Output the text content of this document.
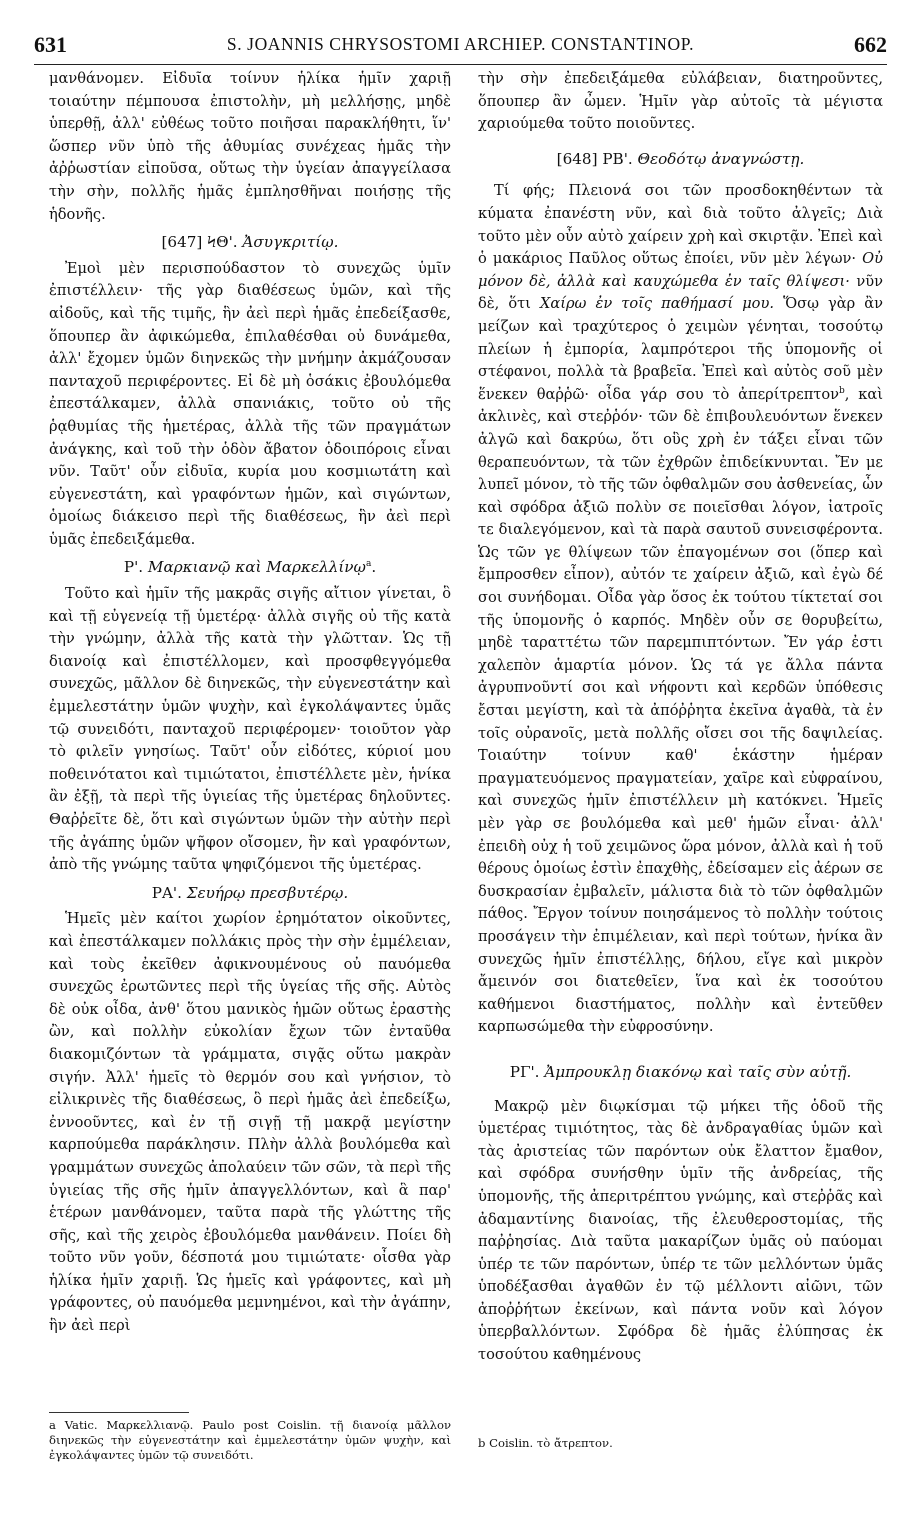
631	S. JOANNIS CHRYSOSTOMI ARCHIEP. CONSTANTINOP.	662

μανθάνομεν. Εἰδυῖα τοίνυν ἡλίκα ἡμῖν χαριῇ τοιαύτην πέμπουσα ἐπιστολὴν, μὴ μελλήσῃς, μηδὲ ὑπερθῇ, ἀλλ' εὐθέως τοῦτο ποιῆσαι παρακλήθητι, ἵν' ὥσπερ νῦν ὑπὸ τῆς ἀθυμίας συνέχεας ἡμᾶς τὴν ἀῤῥωστίαν εἰποῦσα, οὕτως τὴν ὑγείαν ἀπαγγείλασα τὴν σὴν, πολλῆς ἡμᾶς ἐμπλησθῆναι ποιήσῃς τῆς ἡδονῆς.

[647] ϞΘ'. Ἀσυγκριτίῳ.

Ἐμοὶ μὲν περισπούδαστον τὸ συνεχῶς ὑμῖν ἐπιστέλλειν· τῆς γὰρ διαθέσεως ὑμῶν, καὶ τῆς αἰδοῦς, καὶ τῆς τιμῆς, ἣν ἀεὶ περὶ ἡμᾶς ἐπεδείξασθε, ὅπουπερ ἂν ἀφικώμεθα, ἐπιλαθέσθαι οὐ δυνάμεθα, ἀλλ' ἔχομεν ὑμῶν διηνεκῶς τὴν μνήμην ἀκμάζουσαν πανταχοῦ περιφέροντες. Εἰ δὲ μὴ ὁσάκις ἐβουλόμεθα ἐπεστάλκαμεν, ἀλλὰ σπανιάκις, τοῦτο οὐ τῆς ῥᾳθυμίας τῆς ἡμετέρας, ἀλλὰ τῆς τῶν πραγμάτων ἀνάγκης, καὶ τοῦ τὴν ὁδὸν ἄβατον ὁδοιπόροις εἶναι νῦν. Ταῦτ' οὖν εἰδυῖα, κυρία μου κοσμιωτάτη καὶ εὐγενεστάτη, καὶ γραφόντων ἡμῶν, καὶ σιγώντων, ὁμοίως διάκεισο περὶ τῆς διαθέσεως, ἣν ἀεὶ περὶ ὑμᾶς ἐπεδειξάμεθα.

Ρ'. Μαρκιανῷ καὶ Μαρκελλίνῳ$^a$.

Τοῦτο καὶ ἡμῖν τῆς μακρᾶς σιγῆς αἴτιον γίνεται, ὃ καὶ τῇ εὐγενείᾳ τῇ ὑμετέρᾳ· ἀλλὰ σιγῆς οὐ τῆς κατὰ τὴν γνώμην, ἀλλὰ τῆς κατὰ τὴν γλῶτταν. Ὡς τῇ διανοίᾳ καὶ ἐπιστέλλομεν, καὶ προσφθεγγόμεθα συνεχῶς, μᾶλλον δὲ διηνεκῶς, τὴν εὐγενεστάτην καὶ ἐμμελεστάτην ὑμῶν ψυχὴν, καὶ ἐγκολάψαντες ὑμᾶς τῷ συνειδότι, πανταχοῦ περιφέρομεν· τοιοῦτον γὰρ τὸ φιλεῖν γνησίως. Ταῦτ' οὖν εἰδότες, κύριοί μου ποθεινότατοι καὶ τιμιώτατοι, ἐπιστέλλετε μὲν, ἡνίκα ἂν ἐξῇ, τὰ περὶ τῆς ὑγιείας τῆς ὑμετέρας δηλοῦντες. Θαῤῥεῖτε δὲ, ὅτι καὶ σιγώντων ὑμῶν τὴν αὐτὴν περὶ τῆς ἀγάπης ὑμῶν ψῆφον οἴσομεν, ἣν καὶ γραφόντων, ἀπὸ τῆς γνώμης ταῦτα ψηφιζόμενοι τῆς ὑμετέρας.

ΡΑ'. Σευήρῳ πρεσβυτέρῳ.

Ἡμεῖς μὲν καίτοι χωρίον ἐρημότατον οἰκοῦντες, καὶ ἐπεστάλκαμεν πολλάκις πρὸς τὴν σὴν ἐμμέλειαν, καὶ τοὺς ἐκεῖθεν ἀφικνουμένους οὐ παυόμεθα συνεχῶς ἐρωτῶντες περὶ τῆς ὑγείας τῆς σῆς. Αὐτὸς δὲ οὐκ οἶδα, ἀνθ' ὅτου μανικὸς ἡμῶν οὕτως ἐραστὴς ὢν, καὶ πολλὴν εὐκολίαν ἔχων τῶν ἐνταῦθα διακομιζόντων τὰ γράμματα, σιγᾷς οὕτω μακρὰν σιγήν. Ἀλλ' ἡμεῖς τὸ θερμόν σου καὶ γνήσιον, τὸ εἰλικρινὲς τῆς διαθέσεως, ὃ περὶ ἡμᾶς ἀεὶ ἐπεδείξω, ἐννοοῦντες, καὶ ἐν τῇ σιγῇ τῇ μακρᾷ μεγίστην καρπούμεθα παράκλησιν. Πλὴν ἀλλὰ βουλόμεθα καὶ γραμμάτων συνεχῶς ἀπολαύειν τῶν σῶν, τὰ περὶ τῆς ὑγιείας τῆς σῆς ἡμῖν ἀπαγγελλόντων, καὶ ἃ παρ' ἑτέρων μανθάνομεν, ταῦτα παρὰ τῆς γλώττης τῆς σῆς, καὶ τῆς χειρὸς ἐβουλόμεθα μανθάνειν. Ποίει δὴ τοῦτο νῦν γοῦν, δέσποτά μου τιμιώτατε· οἶσθα γὰρ ἡλίκα ἡμῖν χαριῇ. Ὡς ἡμεῖς καὶ γράφοντες, καὶ μὴ γράφοντες, οὐ παυόμεθα μεμνημένοι, καὶ τὴν ἀγάπην, ἣν ἀεὶ περὶ

a Vatic. Μαρκελλιανῷ. Paulo post Coislin. τῇ διανοίᾳ μᾶλλον διηνεκῶς τὴν εὐγενεστάτην καὶ ἐμμελεστάτην ὑμῶν ψυχὴν, καὶ ἐγκολάψαντες ὑμῶν τῷ συνειδότι.

τὴν σὴν ἐπεδειξάμεθα εὐλάβειαν, διατηροῦντες, ὅπουπερ ἂν ὦμεν. Ἡμῖν γὰρ αὐτοῖς τὰ μέγιστα χαριούμεθα τοῦτο ποιοῦντες.

[648] ΡΒ'. Θεοδότῳ ἀναγνώστῃ.

Τί φής; Πλειονά σοι τῶν προσδοκηθέντων τὰ κύματα ἐπανέστη νῦν, καὶ διὰ τοῦτο ἀλγεῖς; Διὰ τοῦτο μὲν οὖν αὐτὸ χαίρειν χρὴ καὶ σκιρτᾷν. Ἐπεὶ καὶ ὁ μακάριος Παῦλος οὕτως ἐποίει, νῦν μὲν λέγων· Οὐ μόνον δὲ, ἀλλὰ καὶ καυχώμεθα ἐν ταῖς θλίψεσι· νῦν δὲ, ὅτι Χαίρω ἐν τοῖς παθήμασί μου. Ὅσῳ γὰρ ἂν μείζων καὶ τραχύτερος ὁ χειμὼν γένηται, τοσούτῳ πλείων ἡ ἐμπορία, λαμπρότεροι τῆς ὑπομονῆς οἱ στέφανοι, πολλὰ τὰ βραβεῖα. Ἐπεὶ καὶ αὐτὸς σοῦ μὲν ἕνεκεν θαῤῥῶ· οἶδα γάρ σου τὸ ἀπερίτρεπτον$^b$, καὶ ἀκλινὲς, καὶ στεῤῥόν· τῶν δὲ ἐπιβουλευόντων ἕνεκεν ἀλγῶ καὶ δακρύω, ὅτι οὓς χρὴ ἐν τάξει εἶναι τῶν θεραπευόντων, τὰ τῶν ἐχθρῶν ἐπιδείκνυνται. Ἔν με λυπεῖ μόνον, τὸ τῆς τῶν ὀφθαλμῶν σου ἀσθενείας, ὧν καὶ σφόδρα ἀξιῶ πολὺν σε ποιεῖσθαι λόγον, ἰατροῖς τε διαλεγόμενον, καὶ τὰ παρὰ σαυτοῦ συνεισφέροντα. Ὡς τῶν γε θλίψεων τῶν ἐπαγομένων σοι (ὅπερ καὶ ἔμπροσθεν εἶπον), αὐτόν τε χαίρειν ἀξιῶ, καὶ ἐγὼ δέ σοι συνήδομαι. Οἶδα γὰρ ὅσος ἐκ τούτου τίκτεταί σοι τῆς ὑπομονῆς ὁ καρπός. Μηδὲν οὖν σε θορυβείτω, μηδὲ ταραττέτω τῶν παρεμπιπτόντων. Ἔν γάρ ἐστι χαλεπὸν ἁμαρτία μόνον. Ὡς τά γε ἄλλα πάντα ἀγρυπνοῦντί σοι καὶ νήφοντι καὶ κερδῶν ὑπόθεσις ἔσται μεγίστη, καὶ τὰ ἀπόῤῥητα ἐκεῖνα ἀγαθὰ, τὰ ἐν τοῖς οὐρανοῖς, μετὰ πολλῆς οἴσει σοι τῆς δαψιλείας. Τοιαύτην τοίνυν καθ' ἑκάστην ἡμέραν πραγματευόμενος πραγματείαν, χαῖρε καὶ εὐφραίνου, καὶ συνεχῶς ἡμῖν ἐπιστέλλειν μὴ κατόκνει. Ἡμεῖς μὲν γὰρ σε βουλόμεθα καὶ μεθ' ἡμῶν εἶναι· ἀλλ' ἐπειδὴ οὐχ ἡ τοῦ χειμῶνος ὥρα μόνον, ἀλλὰ καὶ ἡ τοῦ θέρους ὁμοίως ἐστὶν ἐπαχθὴς, ἐδείσαμεν εἰς ἀέρων σε δυσκρασίαν ἐμβαλεῖν, μάλιστα διὰ τὸ τῶν ὀφθαλμῶν πάθος. Ἔργον τοίνυν ποιησάμενος τὸ πολλὴν τούτοις προσάγειν τὴν ἐπιμέλειαν, καὶ περὶ τούτων, ἡνίκα ἂν συνεχῶς ἡμῖν ἐπιστέλλῃς, δήλου, εἴγε καὶ μικρὸν ἄμεινόν σοι διατεθεῖεν, ἵνα καὶ ἐκ τοσούτου καθήμενοι διαστήματος, πολλὴν καὶ ἐντεῦθεν καρπωσώμεθα τὴν εὐφροσύνην.

ΡΓ'. Ἀμπρουκλῃ διακόνῳ καὶ ταῖς σὺν αὐτῇ.

Μακρῷ μὲν διῳκίσμαι τῷ μήκει τῆς ὁδοῦ τῆς ὑμετέρας τιμιότητος, τὰς δὲ ἀνδραγαθίας ὑμῶν καὶ τὰς ἀριστείας τῶν παρόντων οὐκ ἔλαττον ἔμαθον, καὶ σφόδρα συνήσθην ὑμῖν τῆς ἀνδρείας, τῆς ὑπομονῆς, τῆς ἀπεριτρέπτου γνώμης, καὶ στεῤῥᾶς καὶ ἀδαμαντίνης διανοίας, τῆς ἐλευθεροστομίας, τῆς παῤῥησίας. Διὰ ταῦτα μακαρίζων ὑμᾶς οὐ παύομαι ὑπέρ τε τῶν παρόντων, ὑπέρ τε τῶν μελλόντων ὑμᾶς ὑποδέξασθαι ἀγαθῶν ἐν τῷ μέλλοντι αἰῶνι, τῶν ἀποῤῥήτων ἐκείνων, καὶ πάντα νοῦν καὶ λόγον ὑπερβαλλόντων. Σφόδρα δὲ ἡμᾶς ἐλύπησας ἐκ τοσούτου καθημένους

b Coislin. τὸ ἄτρεπτον.
